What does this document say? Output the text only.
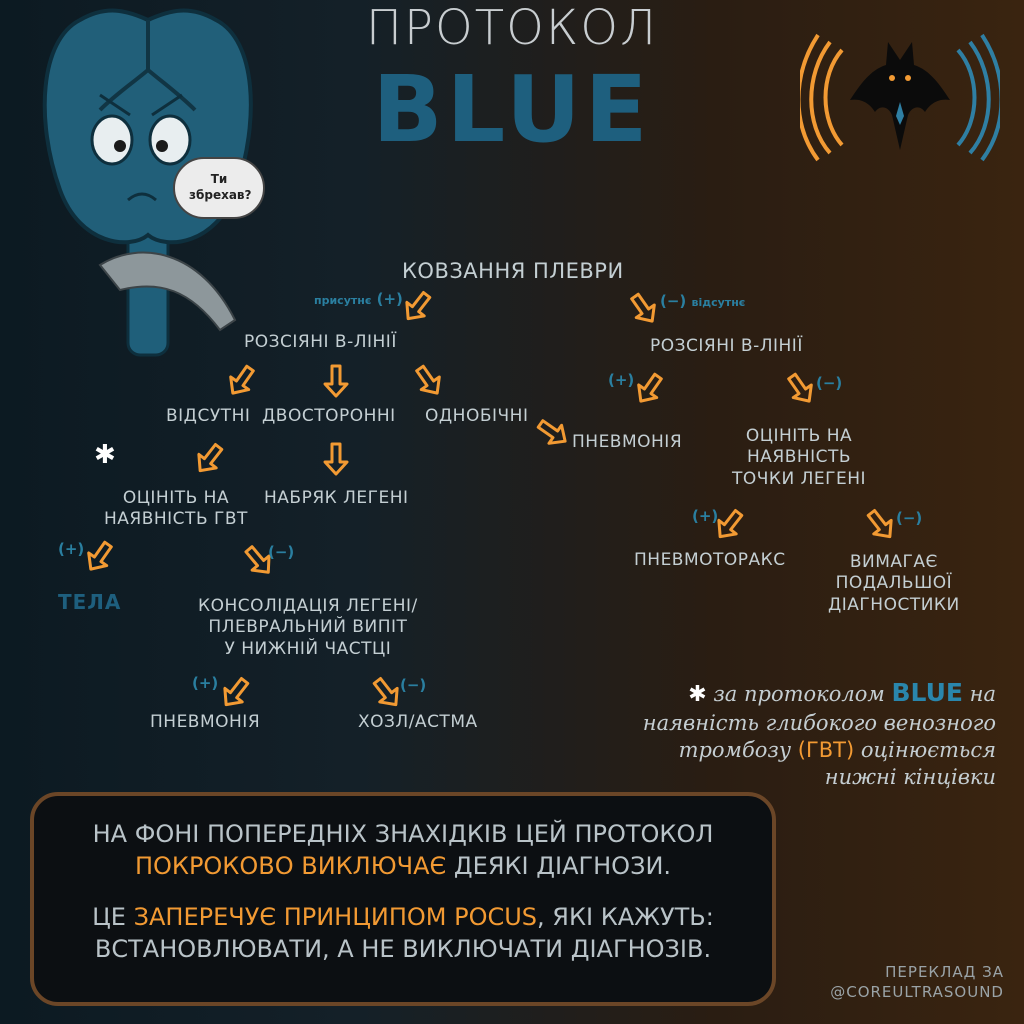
Ти збрехав?
ПРОТОКОЛ
BLUE
КОВЗАННЯ ПЛЕВРИ
присутнє (+)	(−) відсутнє
РОЗСІЯНІ В-ЛІНІЇ	РОЗСІЯНІ В-ЛІНІЇ
ВІДСУТНІ ДВОСТОРОННІ ОДНОБІЧНІ
ПНЕВМОНІЯ
(+)	(−)
ОЦІНІТЬ НА
НАЯВНІСТЬ
ТОЧКИ ЛЕГЕНІ
✱
ОЦІНІТЬ НА
НАЯВНІСТЬ ГВТ
НАБРЯК ЛЕГЕНІ
(+)	(−)
ТЕЛА	КОНСОЛІДАЦІЯ ЛЕГЕНІ/
ПЛЕВРАЛЬНИЙ ВИПІТ
У НИЖНІЙ ЧАСТЦІ
(+)	(−)
ПНЕВМОТОРАКС	ВИМАГАЄ
ПОДАЛЬШОЇ
ДІАГНОСТИКИ
(+)	(−)
ПНЕВМОНІЯ	ХОЗЛ/АСТМА
✱ за протоколом BLUE на
наявність глибокого венозного
тромбозу (ГВТ) оцінюється
нижні кінцівки
НА ФОНІ ПОПЕРЕДНІХ ЗНАХІДКІВ ЦЕЙ ПРОТОКОЛ
ПОКРОКОВО ВИКЛЮЧАЄ ДЕЯКІ ДІАГНОЗИ.
ЦЕ ЗАПЕРЕЧУЄ ПРИНЦИПОМ POCUS, ЯКІ КАЖУТЬ:
ВСТАНОВЛЮВАТИ, А НЕ ВИКЛЮЧАТИ ДІАГНОЗІВ.
ПЕРЕКЛАД ЗА
@COREULTRASOUND
